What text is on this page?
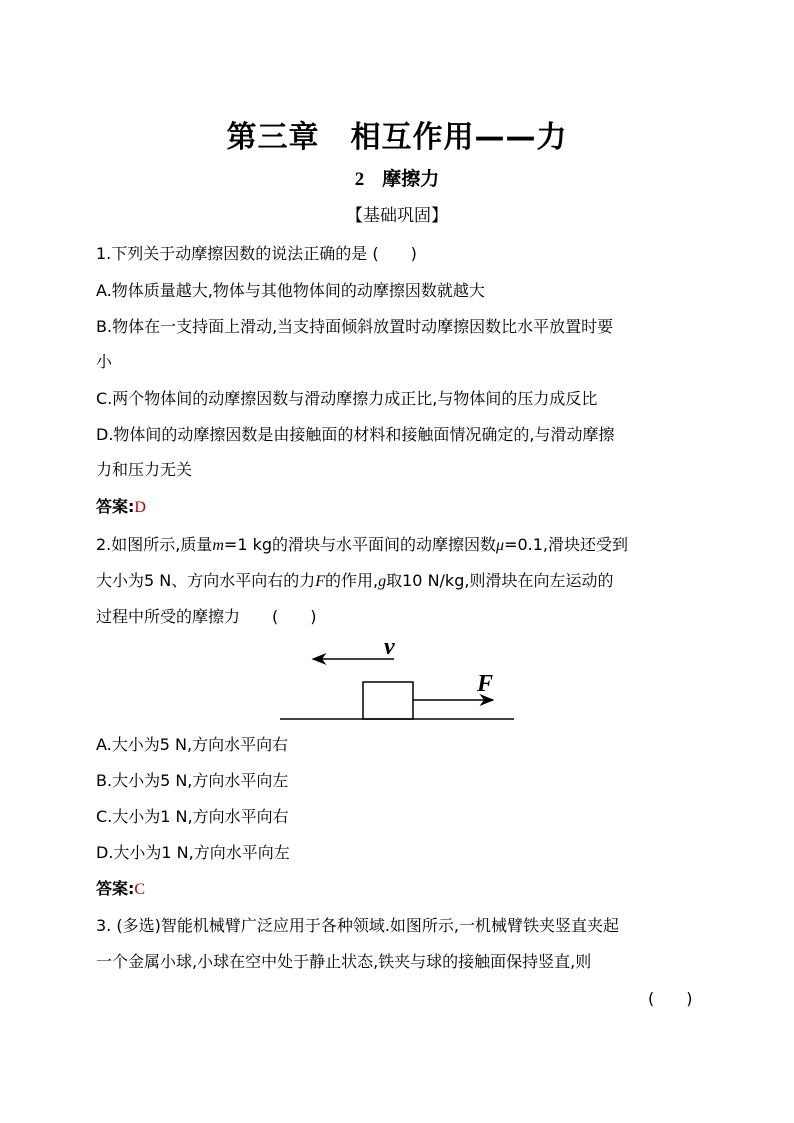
第三章　相互作用——力
2 摩擦力
【基础巩固】
1.下列关于动摩擦因数的说法正确的是 (　　)
A.物体质量越大,物体与其他物体间的动摩擦因数就越大
B.物体在一支持面上滑动,当支持面倾斜放置时动摩擦因数比水平放置时要
小
C.两个物体间的动摩擦因数与滑动摩擦力成正比,与物体间的压力成反比
D.物体间的动摩擦因数是由接触面的材料和接触面情况确定的,与滑动摩擦
力和压力无关
答案:D
2.如图所示,质量m=1 kg的滑块与水平面间的动摩擦因数μ=0.1,滑块还受到
大小为5 N、方向水平向右的力F的作用,g取10 N/kg,则滑块在向左运动的
过程中所受的摩擦力　　(　　)
v
F
A.大小为5 N,方向水平向右
B.大小为5 N,方向水平向左
C.大小为1 N,方向水平向右
D.大小为1 N,方向水平向左
答案:C
3. (多选)智能机械臂广泛应用于各种领域.如图所示,一机械臂铁夹竖直夹起
一个金属小球,小球在空中处于静止状态,铁夹与球的接触面保持竖直,则
(　　)
